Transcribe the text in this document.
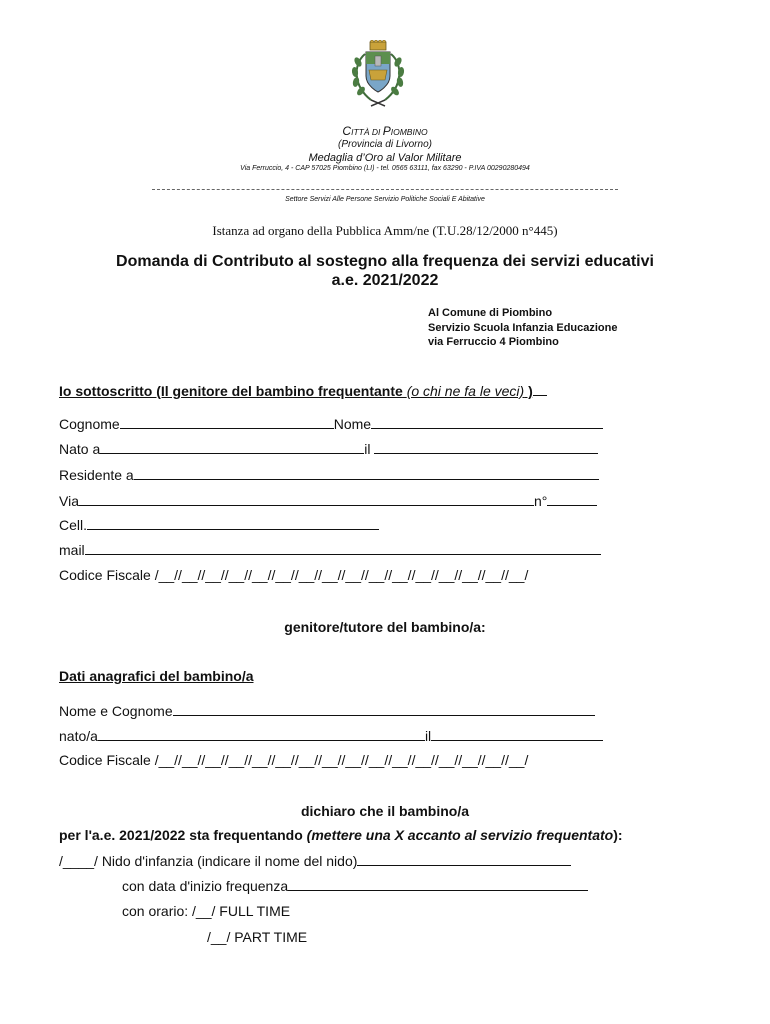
CITTÀ DI PIOMBINO
(Provincia di Livorno)
Medaglia d’Oro al Valor Militare
Via Ferruccio, 4 - CAP 57025 Piombino (LI) - tel. 0565 63111, fax 63290 - P.IVA 00290280494
Settore Servizi Alle Persone Servizio Politiche Sociali E Abitative
Istanza ad organo della Pubblica Amm/ne (T.U.28/12/2000 n°445)
Domanda di Contributo al sostegno alla frequenza dei servizi educativi
a.e. 2021/2022
Al Comune di Piombino
Servizio Scuola Infanzia Educazione
via Ferruccio 4 Piombino
Io sottoscritto (Il genitore del bambino frequentante (o chi ne fa le veci) )
Cognome	Nome
Nato a	il
Residente a
Via	n°
Cell.
mail
Codice Fiscale /__//__//__//__//__//__//__//__//__//__//__//__//__//__//__//__/
genitore/tutore del bambino/a:
Dati anagrafici del bambino/a
Nome e Cognome
nato/a	il
Codice Fiscale /__//__//__//__//__//__//__//__//__//__//__//__//__//__//__//__/
dichiaro che il bambino/a
per l'a.e. 2021/2022 sta frequentando (mettere una X accanto al servizio frequentato):
/____/ Nido d'infanzia (indicare il nome del nido)
con data d'inizio frequenza
con orario: /__/ FULL TIME
/__/ PART TIME
